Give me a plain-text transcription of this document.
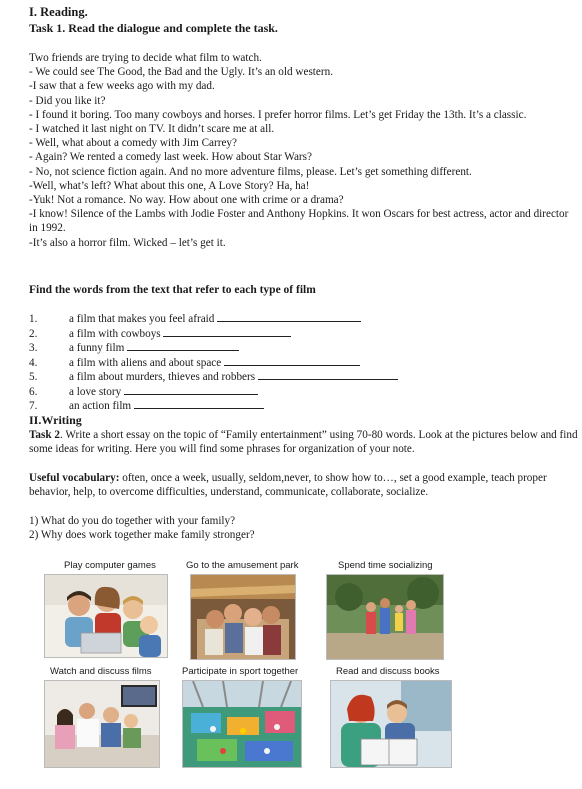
I. Reading.
Task 1. Read the dialogue and complete the task.
Two friends are trying to decide what film to watch.
- We could see The Good, the Bad and the Ugly. It’s an old western.
-I saw that a few weeks ago with my dad.
- Did you like it?
- I found it boring. Too many cowboys and horses. I prefer horror films. Let’s get Friday the 13th. It’s a classic.
- I watched it last night on TV. It didn’t scare me at all.
- Well, what about a comedy with Jim Carrey?
- Again? We rented a comedy last week. How about Star Wars?
- No, not science fiction again. And no more adventure films, please. Let’s get something different.
-Well, what’s left? What about this one, A Love Story? Ha, ha!
-Yuk! Not a romance. No way. How about one with crime or a drama?
-I know! Silence of the Lambs with Jodie Foster and Anthony Hopkins. It won Oscars for best actress, actor and director in 1992.
-It’s also a horror film. Wicked – let’s get it.
Find the words from the text that refer to each type of film
1.	a film that makes you feel afraid
2.	a film with cowboys
3.	a funny film
4.	a film with aliens and about space
5.	a film about murders, thieves and robbers
6.	a love story
7.	an action film
II.Writing
Task 2. Write a short essay on the topic of “Family entertainment” using 70-80 words. Look at the pictures below and find some ideas for writing. Here you will find some phrases for organization of your note.
Useful vocabulary: often, once a week, usually, seldom,never, to show how to…, set a good example, teach proper behavior, help, to overcome difficulties, understand, communicate, collaborate, socialize.
1) What do you do together with your family?
2) Why does work together make family stronger?
Play computer games	Go to the amusement park	Spend time socializing
Watch and discuss films	Participate in sport together	Read and discuss books
